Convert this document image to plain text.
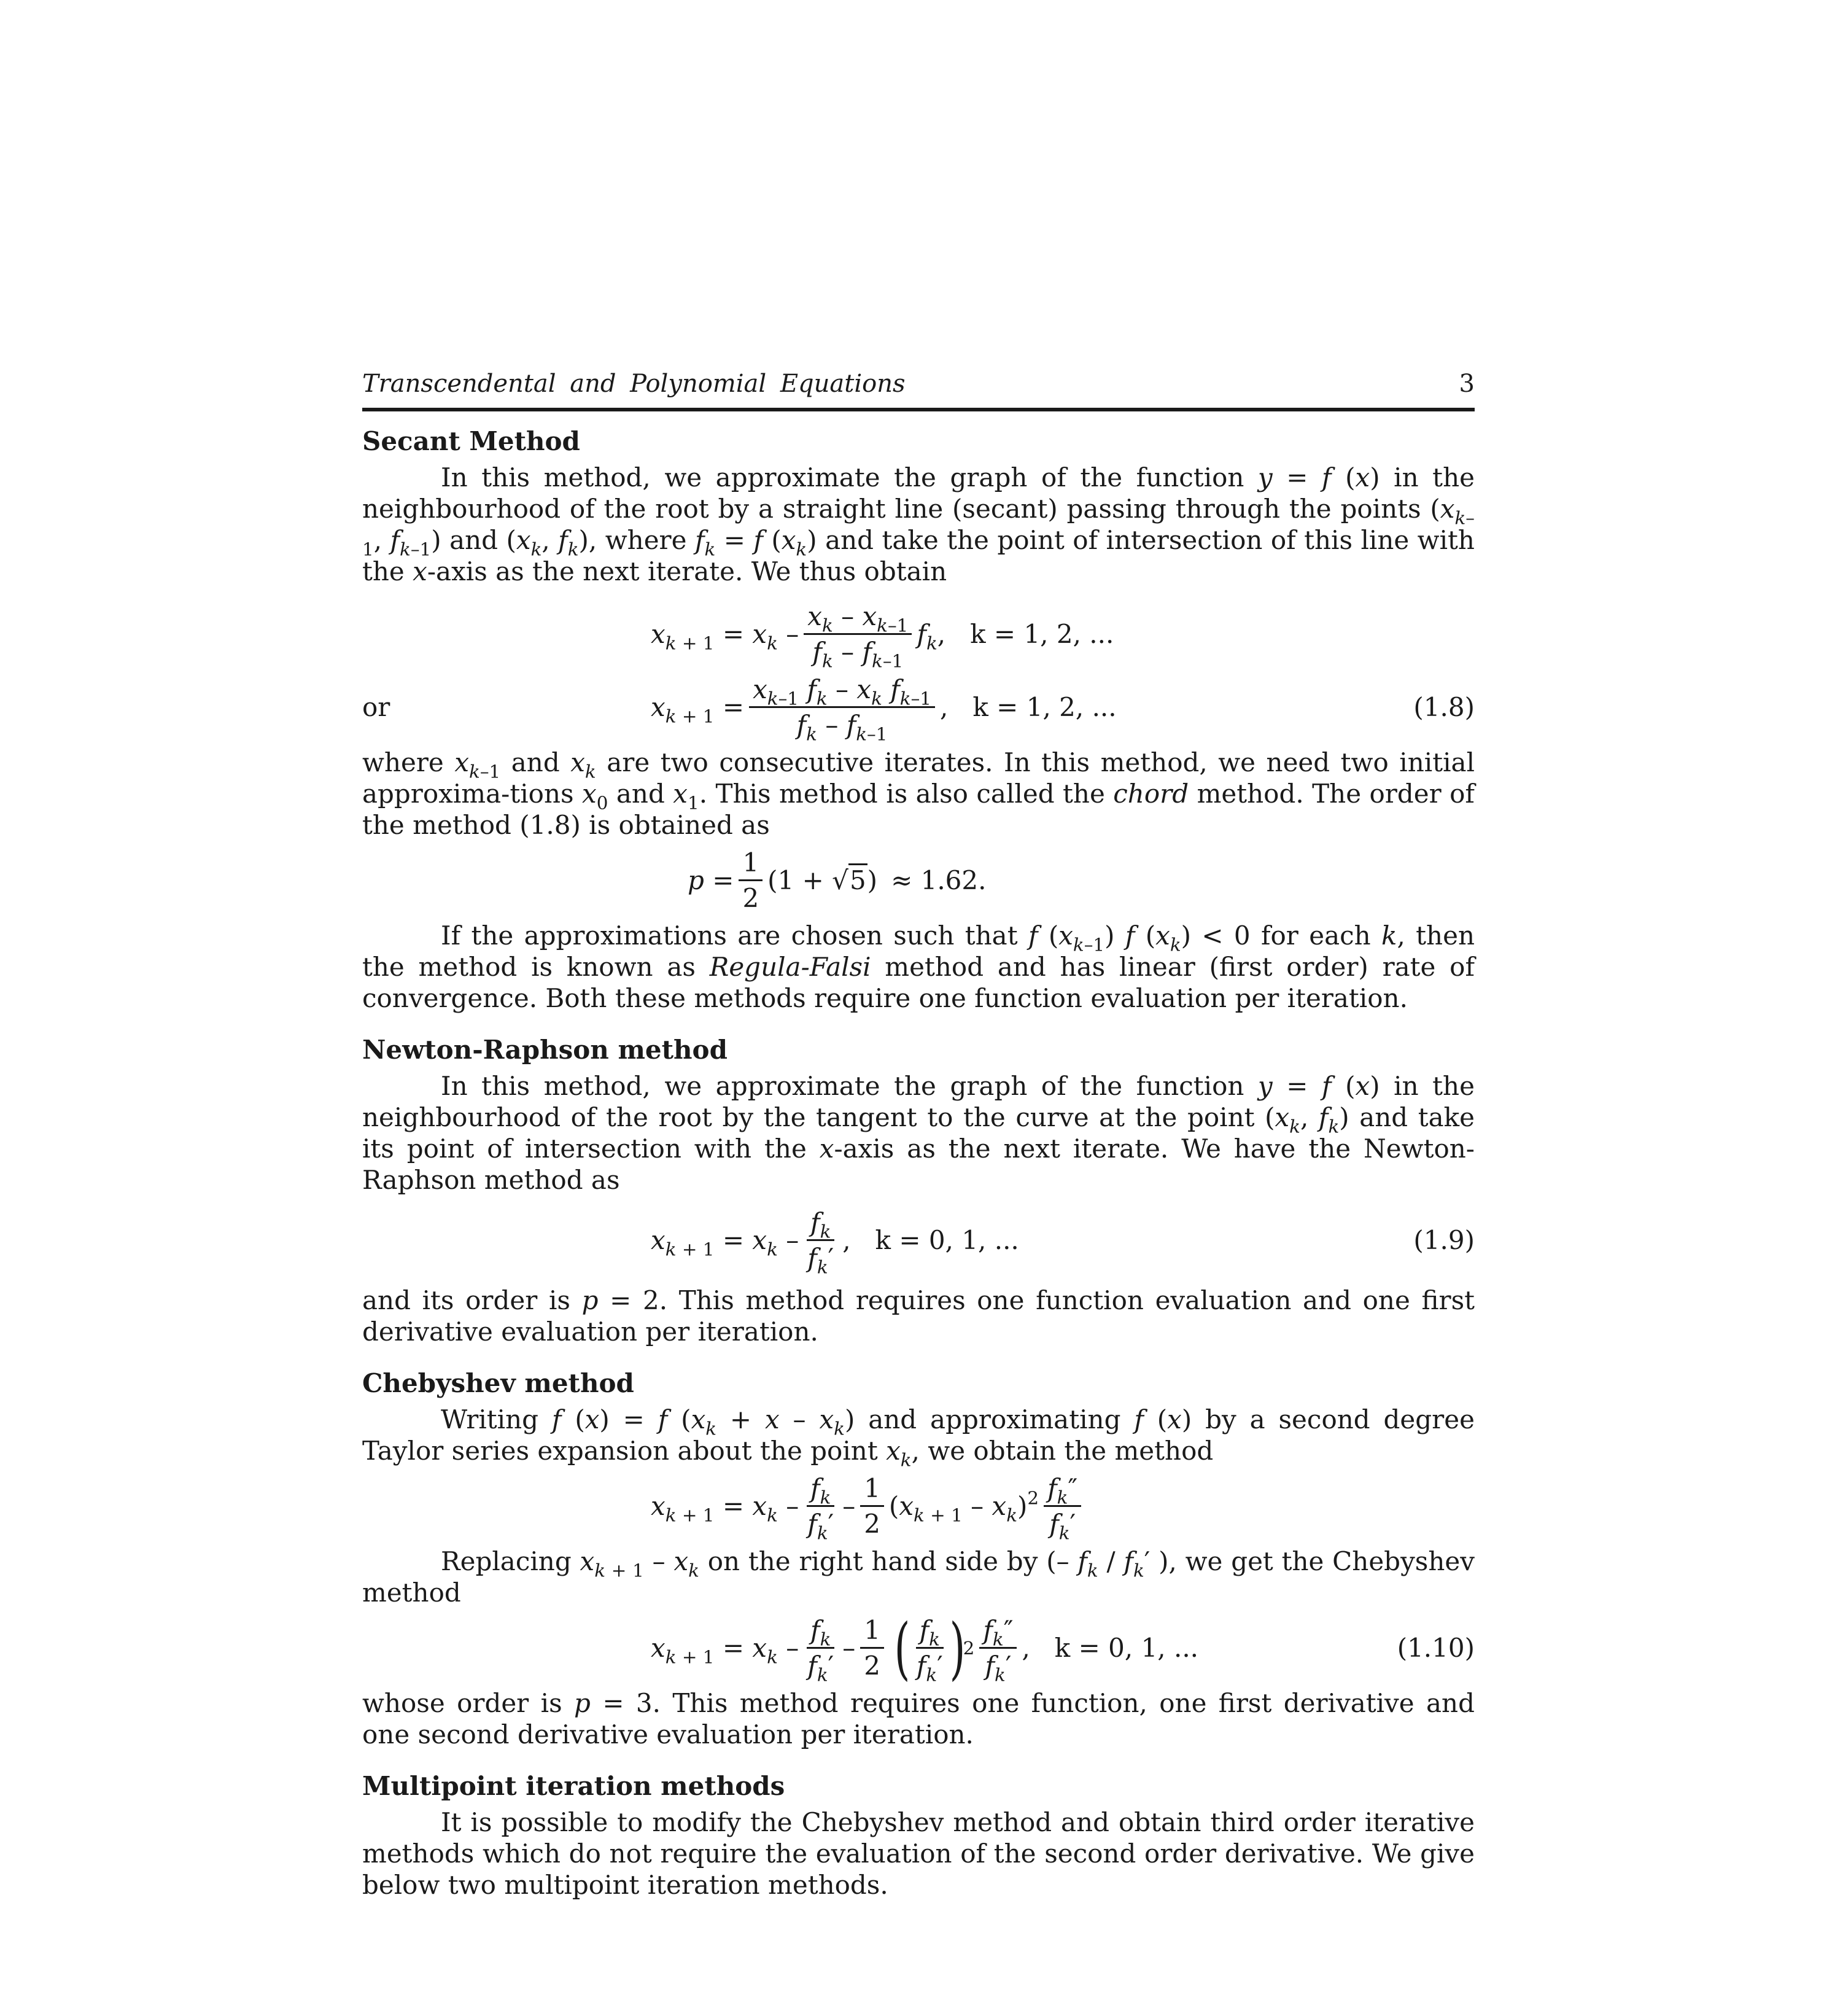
Transcendental and Polynomial Equations	3
Secant Method

In this method, we approximate the graph of the function y = f (x) in the neighbourhood of the root by a straight line (secant) passing through the points ($x_{k-1}$, $f_{k-1}$) and ($x_k$, $f_k$), where $f_k = f$ $(x_k)$ and take the point of intersection of this line with the x-axis as the next iterate. We thus obtain

$x_{k + 1} = x_k - \frac{x_k - x_{k-1}}{f_k - f_{k-1}} f_k$, k = 1, 2, ...
or	$x_{k + 1} = \frac{x_{k-1} f_k - x_k f_{k-1}}{f_k - f_{k-1}}$ , k = 1, 2, ...	(1.8)

where $x_{k-1}$ and $x_k$ are two consecutive iterates. In this method, we need two initial approxima-tions $x_0$ and $x_1$. This method is also called the chord method. The order of the method (1.8) is obtained as

$p = \frac{1}{2} (1 + √5) \approx 1.62$.

If the approximations are chosen such that f $(x_{k-1})$ f $(x_k) < 0$ for each k, then the method is known as Regula-Falsi method and has linear (first order) rate of convergence. Both these methods require one function evaluation per iteration.

Newton-Raphson method

In this method, we approximate the graph of the function y = f (x) in the neighbourhood of the root by the tangent to the curve at the point ($x_k$, $f_k$) and take its point of intersection with the x-axis as the next iterate. We have the Newton-Raphson method as

$x_{k + 1} = x_k - \frac{f_k}{f_k'}$ , k = 0, 1, ...	(1.9)

and its order is p = 2. This method requires one function evaluation and one first derivative evaluation per iteration.

Chebyshev method

Writing f (x) = f $(x_k + x - x_k)$ and approximating f (x) by a second degree Taylor series expansion about the point $x_k$, we obtain the method

$x_{k + 1} = x_k - \frac{f_k}{f_k'} - \frac{1}{2} (x_{k + 1} - x_k)^2 \frac{f_k''}{f_k'}$

Replacing $x_{k + 1} - x_k$ on the right hand side by (– $f_k / f_k'$ ), we get the Chebyshev method

$x_{k + 1} = x_k - \frac{f_k}{f_k'} - \frac{1}{2}$ ( $\frac{f_k}{f_k'}$ )
$2 \frac{f_k''}{f_k'}$ , k = 0, 1, ...	(1.10)

whose order is p = 3. This method requires one function, one first derivative and one second derivative evaluation per iteration.

Multipoint iteration methods

It is possible to modify the Chebyshev method and obtain third order iterative methods which do not require the evaluation of the second order derivative. We give below two multipoint iteration methods.
